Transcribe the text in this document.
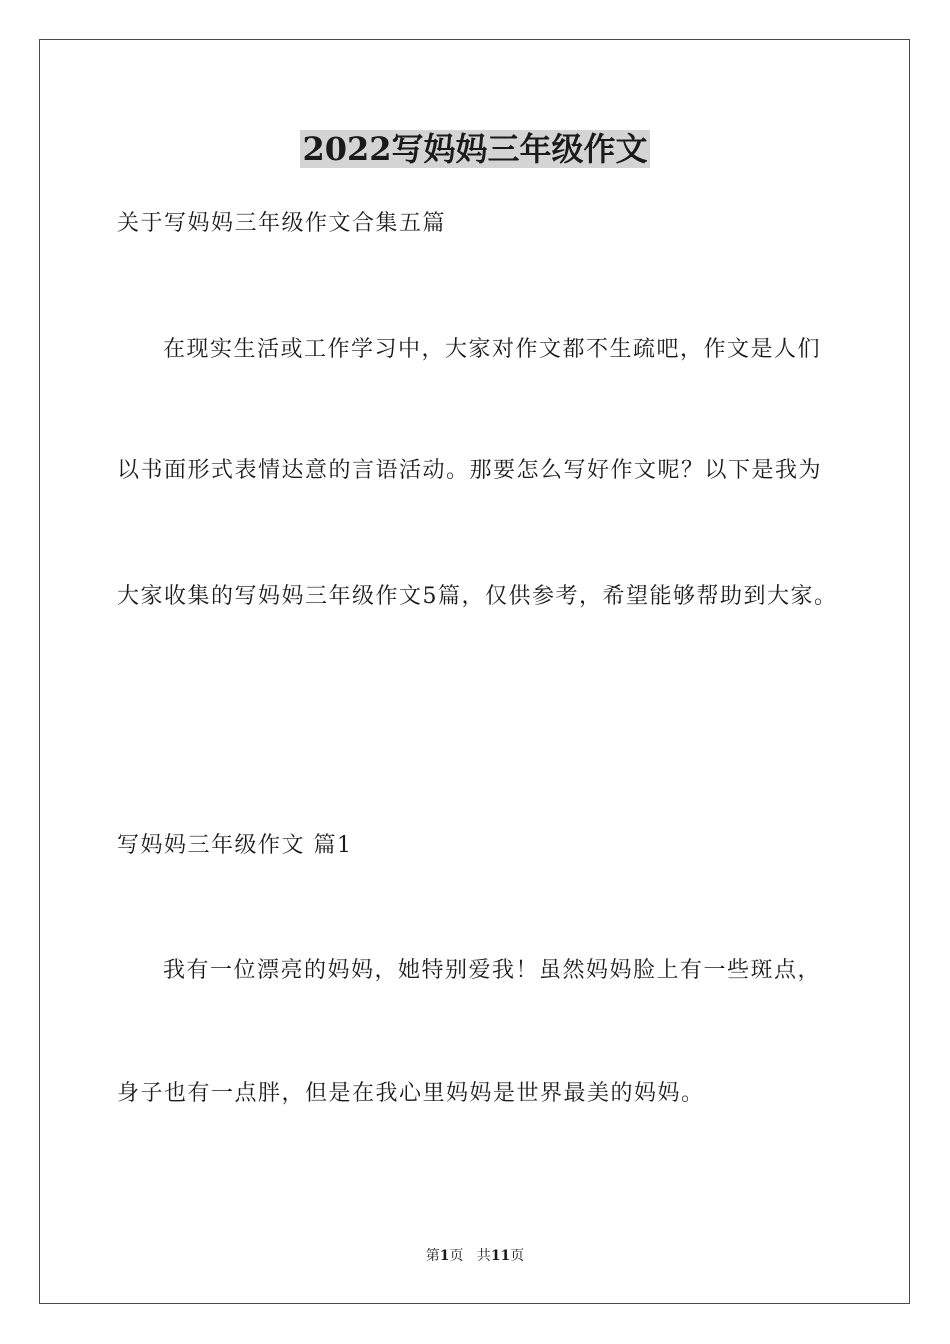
2022写妈妈三年级作文
关于写妈妈三年级作文合集五篇
在现实生活或工作学习中，大家对作文都不生疏吧，作文是人们
以书面形式表情达意的言语活动。那要怎么写好作文呢？以下是我为
大家收集的写妈妈三年级作文5篇，仅供参考，希望能够帮助到大家。
写妈妈三年级作文 篇1
我有一位漂亮的妈妈，她特别爱我！虽然妈妈脸上有一些斑点，
身子也有一点胖，但是在我心里妈妈是世界最美的妈妈。
第1页 共11页
